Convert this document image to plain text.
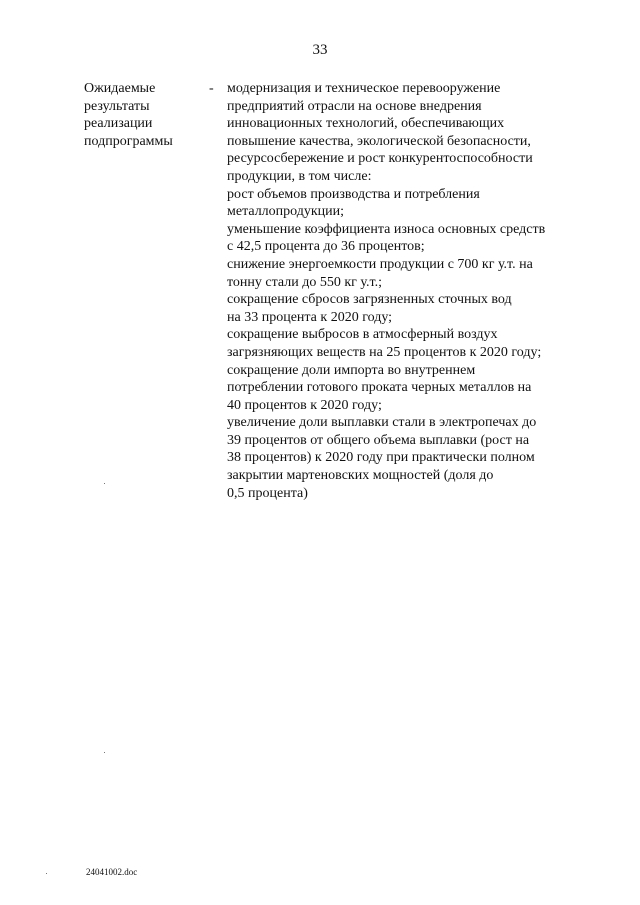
33
Ожидаемые
результаты
реализации
подпрограммы
- модернизация и техническое перевооружение
предприятий отрасли на основе внедрения
инновационных технологий, обеспечивающих
повышение качества, экологической безопасности,
ресурсосбережение и рост конкурентоспособности
продукции, в том числе:
рост объемов производства и потребления
металлопродукции;
уменьшение коэффициента износа основных средств
с 42,5 процента до 36 процентов;
снижение энергоемкости продукции с 700 кг у.т. на
тонну стали до 550 кг у.т.;
сокращение сбросов загрязненных сточных вод
на 33 процента к 2020 году;
сокращение выбросов в атмосферный воздух
загрязняющих веществ на 25 процентов к 2020 году;
сокращение доли импорта во внутреннем
потреблении готового проката черных металлов на
40 процентов к 2020 году;
увеличение доли выплавки стали в электропечах до
39 процентов от общего объема выплавки (рост на
38 процентов) к 2020 году при практически полном
закрытии мартеновских мощностей (доля до
0,5 процента)
24041002.doc
